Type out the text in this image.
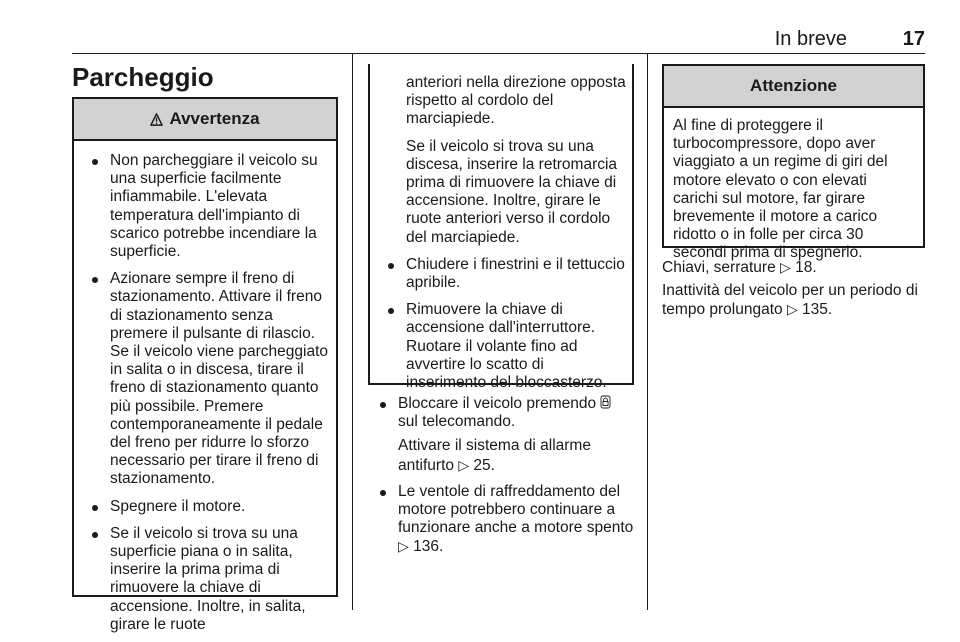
In breve	17
Parcheggio
Avvertenza
Non parcheggiare il veicolo su una superficie facilmente infiammabile. L'elevata temperatura dell'impianto di scarico potrebbe incendiare la superficie.
Azionare sempre il freno di stazionamento. Attivare il freno di stazionamento senza premere il pulsante di rilascio. Se il veicolo viene parcheggiato in salita o in discesa, tirare il freno di stazionamento quanto più possibile. Premere contemporaneamente il pedale del freno per ridurre lo sforzo necessario per tirare il freno di stazionamento.
Spegnere il motore.
Se il veicolo si trova su una superficie piana o in salita, inserire la prima prima di rimuovere la chiave di accensione. Inoltre, in salita, girare le ruote

anteriori nella direzione opposta rispetto al cordolo del marciapiede.

Se il veicolo si trova su una discesa, inserire la retromarcia prima di rimuovere la chiave di accensione. Inoltre, girare le ruote anteriori verso il cordolo del marciapiede.

Chiudere i finestrini e il tettuccio apribile.
Rimuovere la chiave di accensione dall'interruttore. Ruotare il volante fino ad avvertire lo scatto di inserimento del bloccasterzo.
Bloccare il veicolo premendo  sul telecomando.

Attivare il sistema di allarme antifurto ▷ 25.

Le ventole di raffreddamento del motore potrebbero continuare a funzionare anche a motore spento ▷ 136.
Attenzione

Al fine di proteggere il turbocompressore, dopo aver viaggiato a un regime di giri del motore elevato o con elevati carichi sul motore, far girare brevemente il motore a carico ridotto o in folle per circa 30 secondi prima di spegnerlo.

Chiavi, serrature ▷ 18.

Inattività del veicolo per un periodo di tempo prolungato ▷ 135.
